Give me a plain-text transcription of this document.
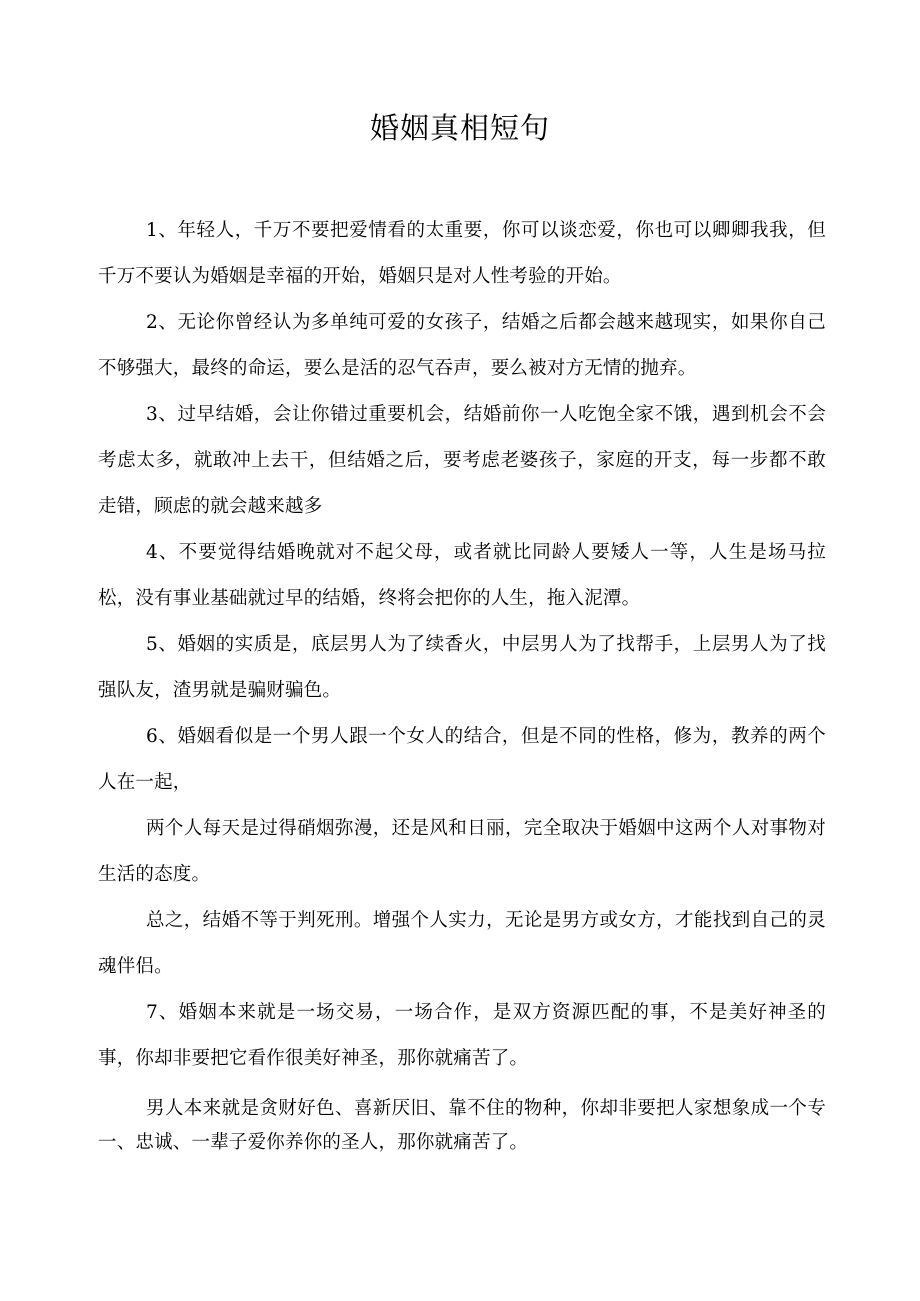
婚姻真相短句

1、年轻人，千万不要把爱情看的太重要，你可以谈恋爱，你也可以卿卿我我，但千万不要认为婚姻是幸福的开始，婚姻只是对人性考验的开始。

2、无论你曾经认为多单纯可爱的女孩子，结婚之后都会越来越现实，如果你自己不够强大，最终的命运，要么是活的忍气吞声，要么被对方无情的抛弃。

3、过早结婚，会让你错过重要机会，结婚前你一人吃饱全家不饿，遇到机会不会考虑太多，就敢冲上去干，但结婚之后，要考虑老婆孩子，家庭的开支，每一步都不敢走错，顾虑的就会越来越多

4、不要觉得结婚晚就对不起父母，或者就比同龄人要矮人一等，人生是场马拉松，没有事业基础就过早的结婚，终将会把你的人生，拖入泥潭。

5、婚姻的实质是，底层男人为了续香火，中层男人为了找帮手，上层男人为了找强队友，渣男就是骗财骗色。

6、婚姻看似是一个男人跟一个女人的结合，但是不同的性格，修为，教养的两个人在一起，

两个人每天是过得硝烟弥漫，还是风和日丽，完全取决于婚姻中这两个人对事物对生活的态度。

总之，结婚不等于判死刑。增强个人实力，无论是男方或女方，才能找到自己的灵魂伴侣。

7、婚姻本来就是一场交易，一场合作，是双方资源匹配的事，不是美好神圣的事，你却非要把它看作很美好神圣，那你就痛苦了。

男人本来就是贪财好色、喜新厌旧、靠不住的物种，你却非要把人家想象成一个专一、忠诚、一辈子爱你养你的圣人，那你就痛苦了。
